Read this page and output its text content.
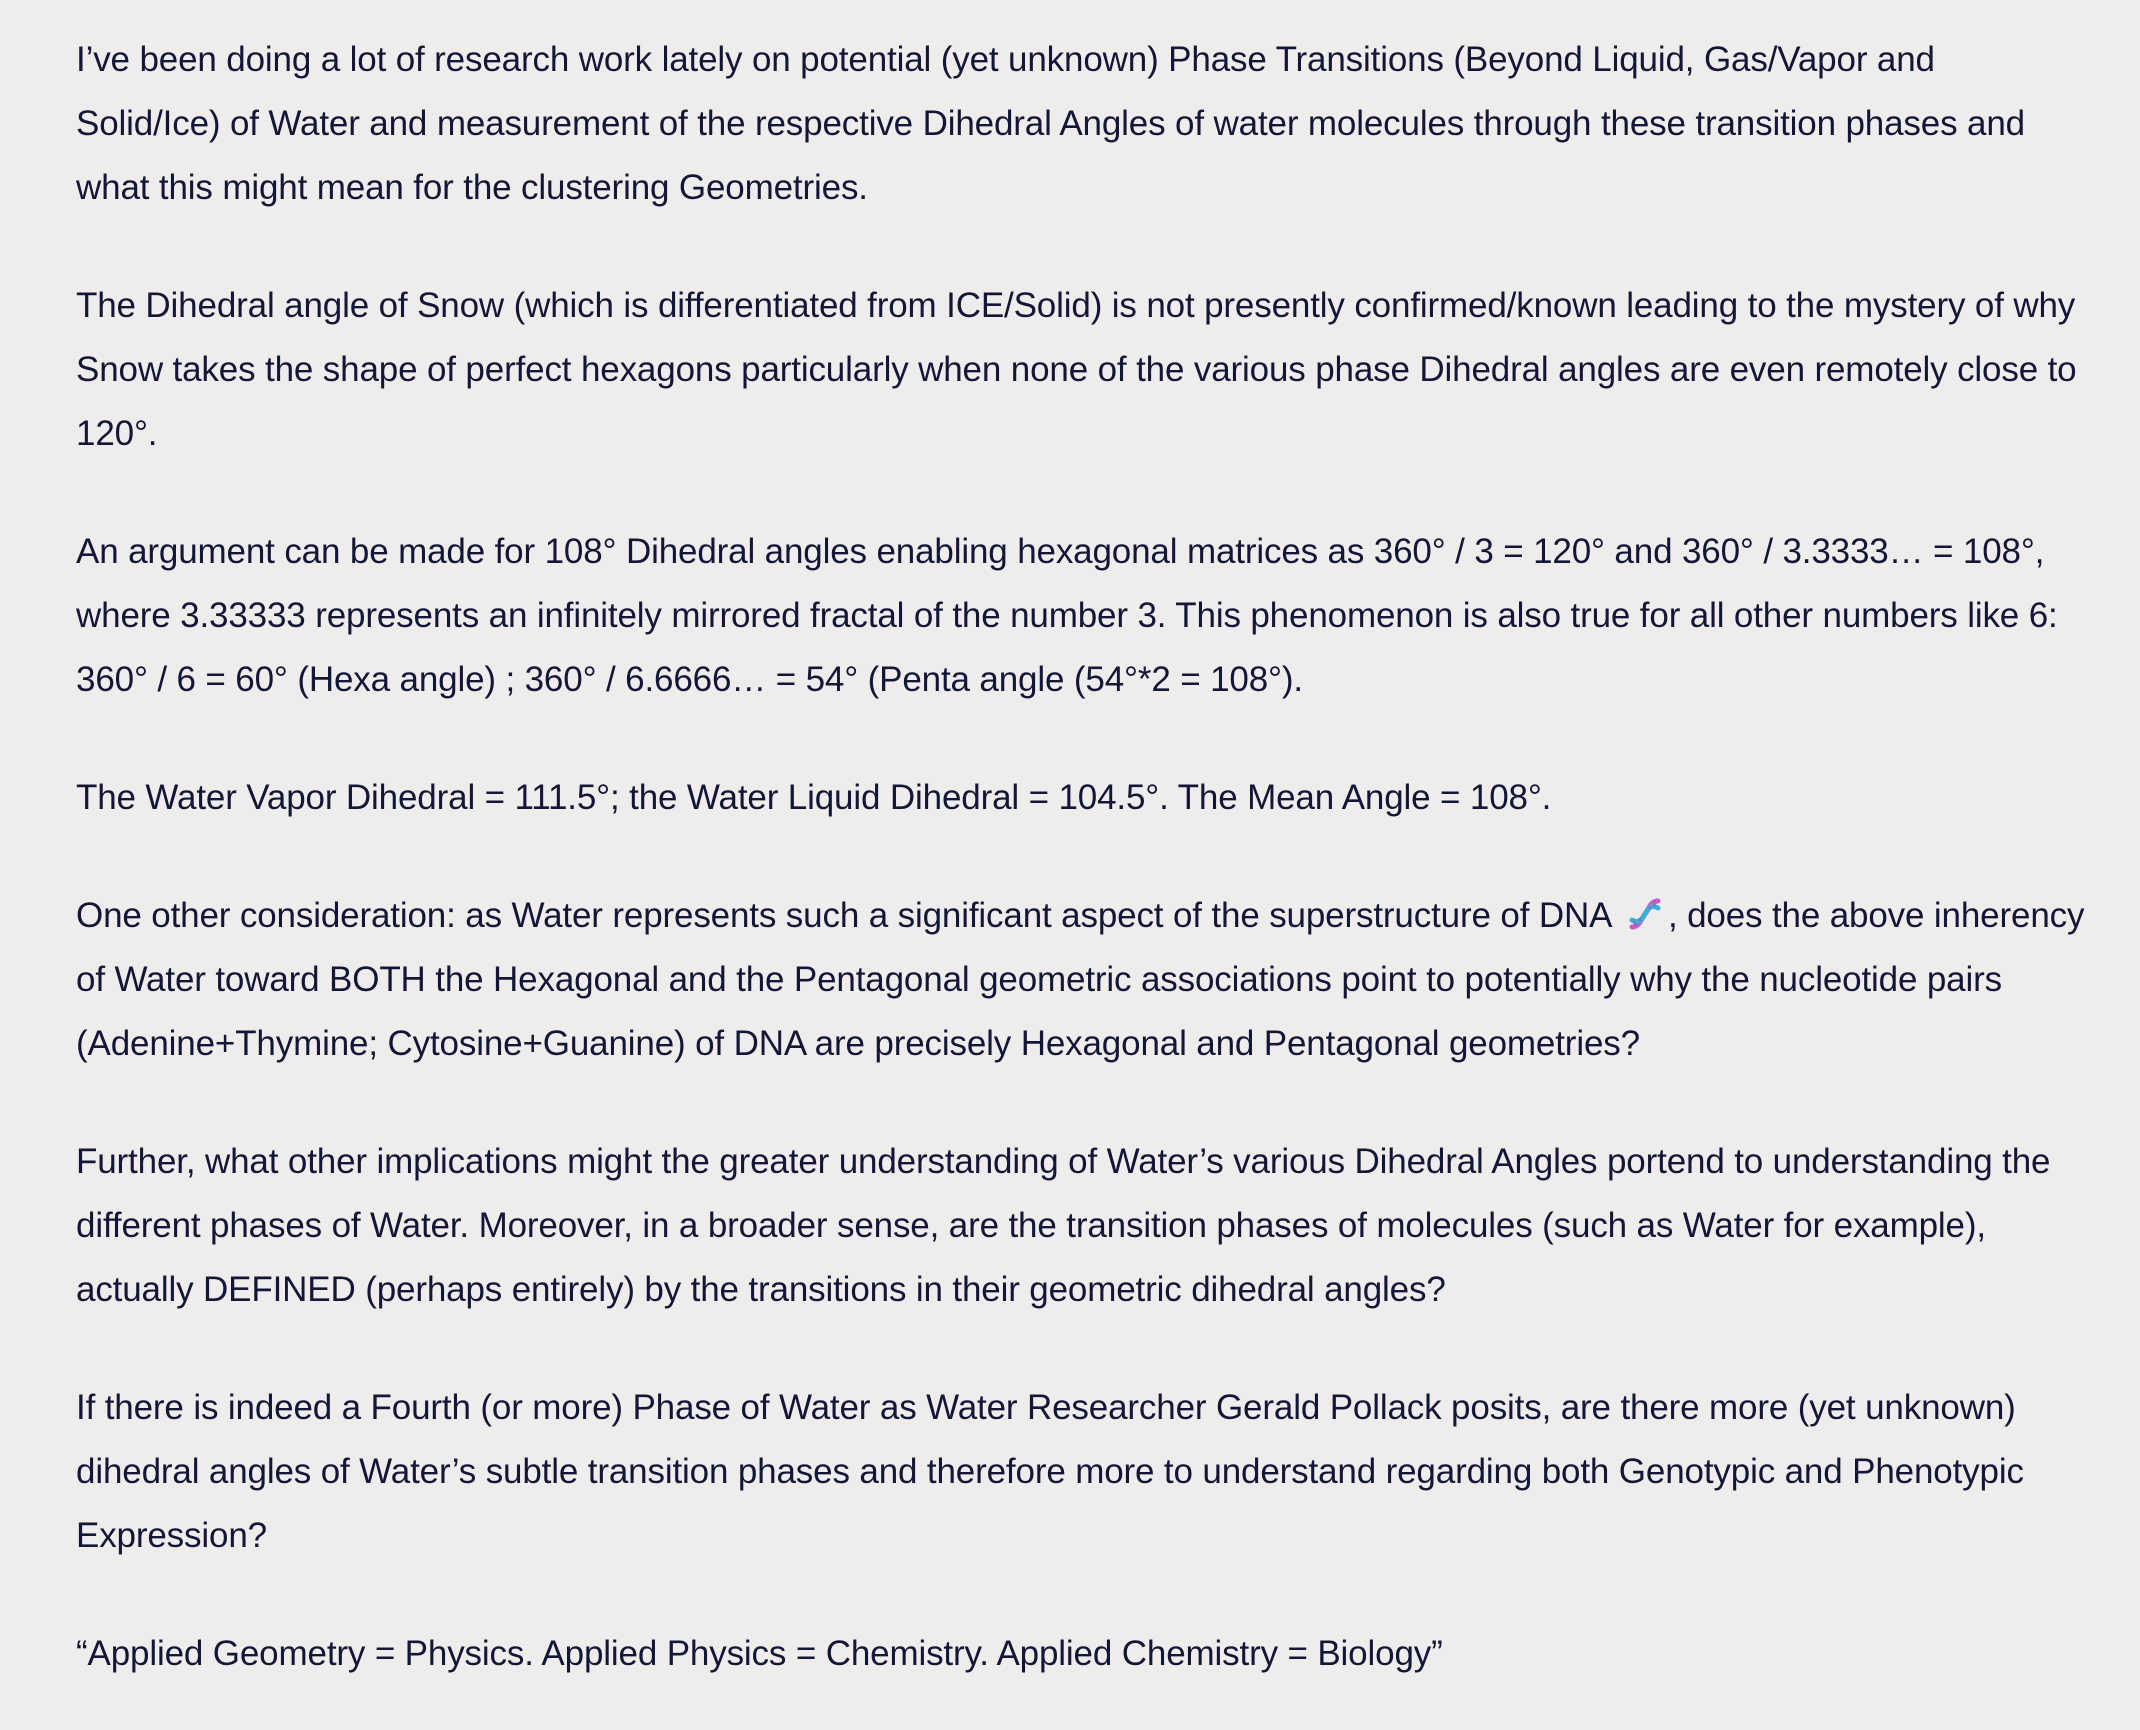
I’ve been doing a lot of research work lately on potential (yet unknown) Phase Transitions (Beyond Liquid, Gas/Vapor and Solid/Ice) of Water and measurement of the respective Dihedral Angles of water molecules through these transition phases and what this might mean for the clustering Geometries.

The Dihedral angle of Snow (which is differentiated from ICE/Solid) is not presently confirmed/known leading to the mystery of why Snow takes the shape of perfect hexagons particularly when none of the various phase Dihedral angles are even remotely close to 120°.

An argument can be made for 108° Dihedral angles enabling hexagonal matrices as 360° / 3 = 120° and 360° / 3.3333… = 108°, where 3.33333 represents an infinitely mirrored fractal of the number 3. This phenomenon is also true for all other numbers like 6: 360° / 6 = 60° (Hexa angle) ; 360° / 6.6666… = 54° (Penta angle (54°*2 = 108°).

The Water Vapor Dihedral = 111.5°; the Water Liquid Dihedral = 104.5°. The Mean Angle = 108°.

One other consideration: as Water represents such a significant aspect of the superstructure of DNA , does the above inherency of Water toward BOTH the Hexagonal and the Pentagonal geometric associations point to potentially why the nucleotide pairs (Adenine+Thymine; Cytosine+Guanine) of DNA are precisely Hexagonal and Pentagonal geometries?

Further, what other implications might the greater understanding of Water’s various Dihedral Angles portend to understanding the different phases of Water. Moreover, in a broader sense, are the transition phases of molecules (such as Water for example), actually DEFINED (perhaps entirely) by the transitions in their geometric dihedral angles?

If there is indeed a Fourth (or more) Phase of Water as Water Researcher Gerald Pollack posits, are there more (yet unknown) dihedral angles of Water’s subtle transition phases and therefore more to understand regarding both Genotypic and Phenotypic Expression?

“Applied Geometry = Physics. Applied Physics = Chemistry. Applied Chemistry = Biology”
